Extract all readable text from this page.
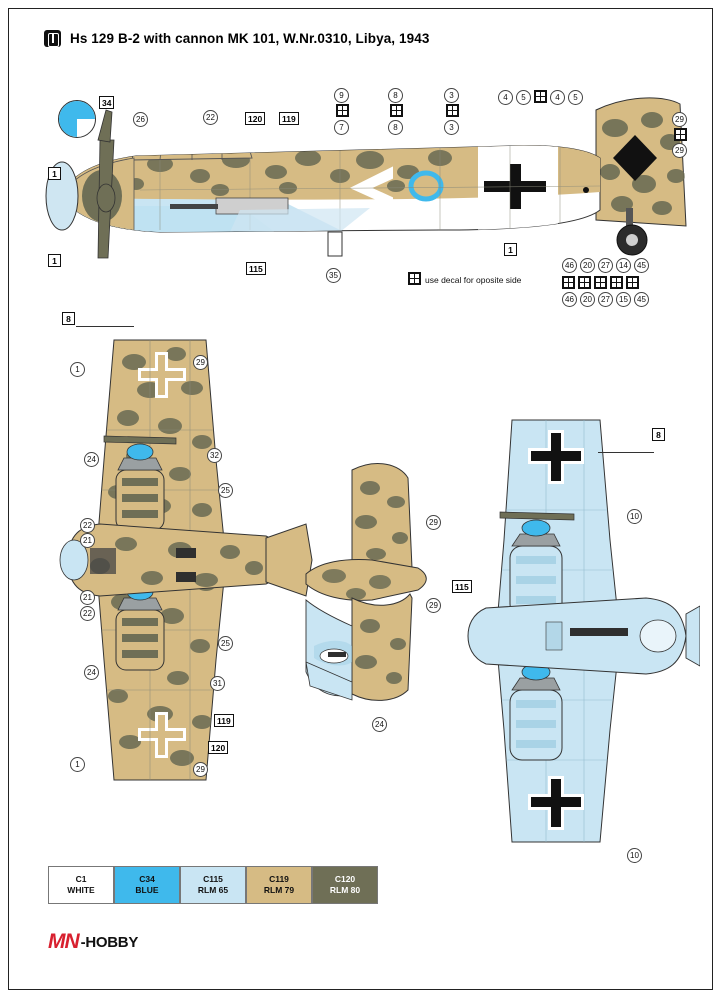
Hs 129 B-2 with cannon MK 101, W.Nr.0310, Libya, 1943
34
26	22	120	119
115
35
1
1
1
9
7
8
8
3
3
4	5	4	5
29
29
use decal for oposite side
46	20	27	14	45
46	20	27	15	45
8
1
29
24	32
25
22
21
21
22
25
24
31
119
120
1
29
29
29
24
8
10
115
10
C1
WHITE
C34
BLUE
C115
RLM 65
C119
RLM 79
C120
RLM 80
MN -HOBBY
